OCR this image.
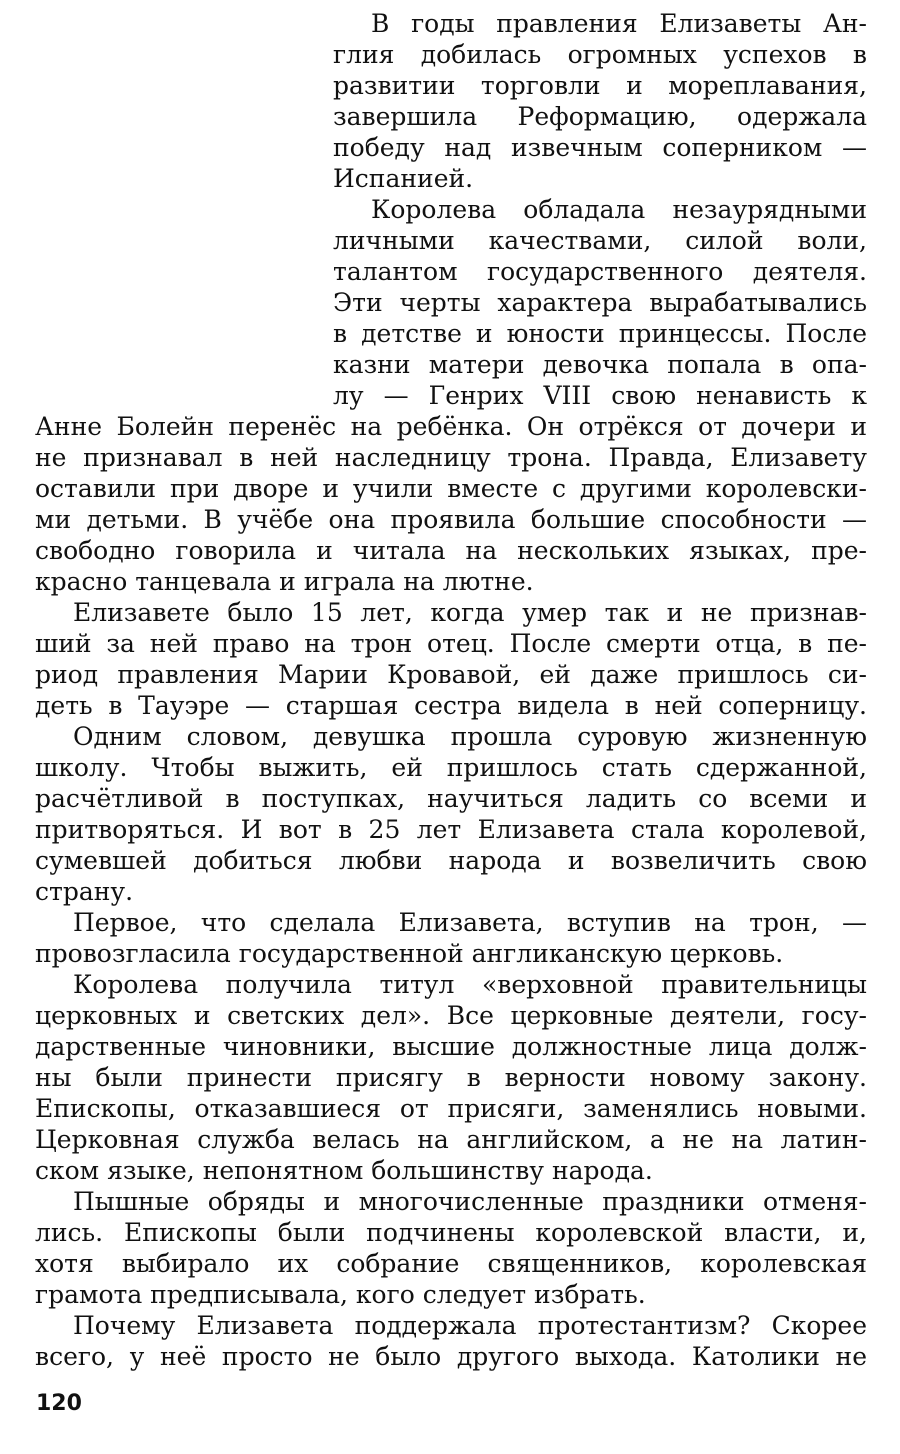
В годы правления Елизаветы Ан-
глия добилась огромных успехов в
развитии торговли и мореплавания,
завершила Реформацию, одержала
победу над извечным соперником —
Испанией.
Королева обладала незаурядными
личными качествами, силой воли,
талантом государственного деятеля.
Эти черты характера вырабатывались
в детстве и юности принцессы. После
казни матери девочка попала в опа-
лу — Генрих VIII свою ненависть к
Анне Болейн перенёс на ребёнка. Он отрёкся от дочери и
не признавал в ней наследницу трона. Правда, Елизавету
оставили при дворе и учили вместе с другими королевски-
ми детьми. В учёбе она проявила большие способности —
свободно говорила и читала на нескольких языках, пре-
красно танцевала и играла на лютне.
Елизавете было 15 лет, когда умер так и не признав-
ший за ней право на трон отец. После смерти отца, в пе-
риод правления Марии Кровавой, ей даже пришлось си-
деть в Тауэре — старшая сестра видела в ней соперницу.
Одним словом, девушка прошла суровую жизненную
школу. Чтобы выжить, ей пришлось стать сдержанной,
расчётливой в поступках, научиться ладить со всеми и
притворяться. И вот в 25 лет Елизавета стала королевой,
сумевшей добиться любви народа и возвеличить свою
страну.
Первое, что сделала Елизавета, вступив на трон, —
провозгласила государственной англиканскую церковь.
Королева получила титул «верховной правительницы
церковных и светских дел». Все церковные деятели, госу-
дарственные чиновники, высшие должностные лица долж-
ны были принести присягу в верности новому закону.
Епископы, отказавшиеся от присяги, заменялись новыми.
Церковная служба велась на английском, а не на латин-
ском языке, непонятном большинству народа.
Пышные обряды и многочисленные праздники отменя-
лись. Епископы были подчинены королевской власти, и,
хотя выбирало их собрание священников, королевская
грамота предписывала, кого следует избрать.
Почему Елизавета поддержала протестантизм? Скорее
всего, у неё просто не было другого выхода. Католики не
120
